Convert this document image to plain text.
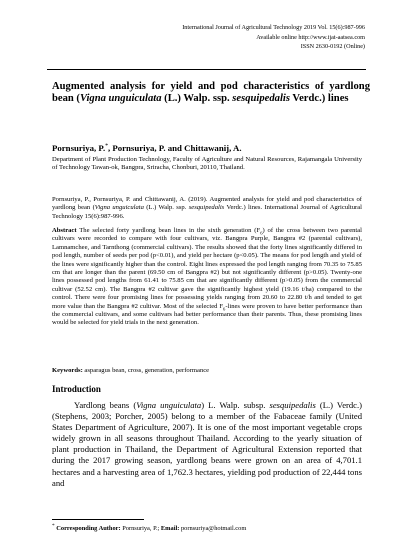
International Journal of Agricultural Technology 2019 Vol. 15(6):987-996
Available online http://www.ijat-aatsea.com
ISSN 2630-0192 (Online)
Augmented analysis for yield and pod characteristics of yardlong bean (Vigna unguiculata (L.) Walp. ssp. sesquipedalis Verdc.) lines
Pornsuriya, P.*, Pornsuriya, P. and Chittawanij, A.
Department of Plant Production Technology, Faculty of Agriculture and Natural Resources, Rajamangala University of Technology Tawan-ok, Bangpra, Sriracha, Chonburi, 20110, Thailand.
Pornsuriya, P., Pornsuriya, P. and Chittawanij, A. (2019). Augmented analysis for yield and pod characteristics of yardlong bean (Vigna unguiculata (L.) Walp. ssp. sesquipedalis Verdc.) lines. International Journal of Agricultural Technology 15(6):987-996.
Abstract The selected forty yardlong bean lines in the sixth generation $(F_6)$ of the cross between two parental cultivars were recorded to compare with four cultivars, viz. Bangpra Purple, Bangpra #2 (parental cultivars), Lamnamchee, and Tarnthong (commercial cultivars). The results showed that the forty lines significantly differed in pod length, number of seeds per pod (p<0.01), and yield per hectare (p<0.05). The means for pod length and yield of the lines were significantly higher than the control. Eight lines expressed the pod length ranging from 70.35 to 75.85 cm that are longer than the parent (69.50 cm of Bangpra #2) but not significantly different (p>0.05). Twenty-one lines possessed pod lengths from 61.41 to 75.85 cm that are significantly different (p>0.05) from the commercial cultivar (52.52 cm). The Bangpra #2 cultivar gave the significantly highest yield (19.16 t/ha) compared to the control. There were four promising lines for possessing yields ranging from 20.60 to 22.80 t/h and tended to get more value than the Bangpra #2 cultivar. Most of the selected $F_6$-lines were proven to have better performance than the commercial cultivars, and some cultivars had better performance than their parents. Thus, these promising lines would be selected for yield trials in the next generation.
Keywords: asparagus bean, cross, generation, performance
Introduction
Yardlong beans (Vigna unguiculata) L. Walp. subsp. sesquipedalis (L.) Verdc.) (Stephens, 2003; Porcher, 2005) belong to a member of the Fabaceae family (United States Department of Agriculture, 2007). It is one of the most important vegetable crops widely grown in all seasons throughout Thailand. According to the yearly situation of plant production in Thailand, the Department of Agricultural Extension reported that during the 2017 growing season, yardlong beans were grown on an area of 4,701.1 hectares and a harvesting area of 1,762.3 hectares, yielding pod production of 22,444 tons and
* Corresponding Author: Pornsuriya, P.; Email: pornsuriya@hotmail.com
